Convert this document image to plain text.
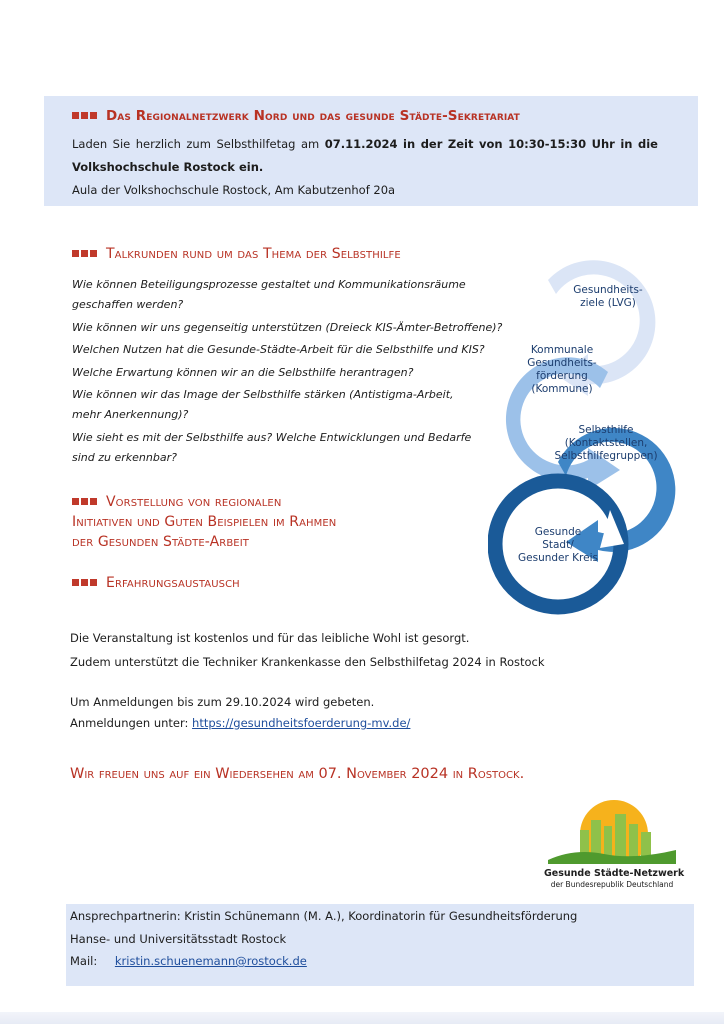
Das Regionalnetzwerk Nord und das gesunde Städte-Sekretariat
Laden Sie herzlich zum Selbsthilfetag am 07.11.2024 in der Zeit von 10:30-15:30 Uhr in die
Volkshochschule Rostock ein.
Aula der Volkshochschule Rostock, Am Kabutzenhof 20a
Talkrunden rund um das Thema der Selbsthilfe
Wie können Beteiligungsprozesse gestaltet und Kommunikationsräume
geschaffen werden?
Wie können wir uns gegenseitig unterstützen (Dreieck KIS-Ämter-Betroffene)?
Welchen Nutzen hat die Gesunde-Städte-Arbeit für die Selbsthilfe und KIS?
Welche Erwartung können wir an die Selbsthilfe herantragen?
Wie können wir das Image der Selbsthilfe stärken (Antistigma-Arbeit,
mehr Anerkennung)?
Wie sieht es mit der Selbsthilfe aus? Welche Entwicklungen und Bedarfe
sind zu erkennbar?
Vorstellung von regionalen
Initiativen und Guten Beispielen im Rahmen
der Gesunden Städte-Arbeit
Erfahrungsaustausch
Die Veranstaltung ist kostenlos und für das leibliche Wohl ist gesorgt.
Zudem unterstützt die Techniker Krankenkasse den Selbsthilfetag 2024 in Rostock
Um Anmeldungen bis zum 29.10.2024 wird gebeten.
Anmeldungen unter: https://gesundheitsfoerderung-mv.de/
Wir freuen uns auf ein Wiedersehen am 07. November 2024 in Rostock.
Gesundheits-
ziele (LVG)
Kommunale
Gesundheits-
förderung
(Kommune)
Selbsthilfe
(Kontaktstellen,
Selbsthilfegruppen)
Gesunde
Stadt/
Gesunder Kreis
Gesunde Städte-Netzwerk
der Bundesrepublik Deutschland
Ansprechpartnerin: Kristin Schünemann (M. A.), Koordinatorin für Gesundheitsförderung
Hanse- und Universitätsstadt Rostock
Mail: kristin.schuenemann@rostock.de
